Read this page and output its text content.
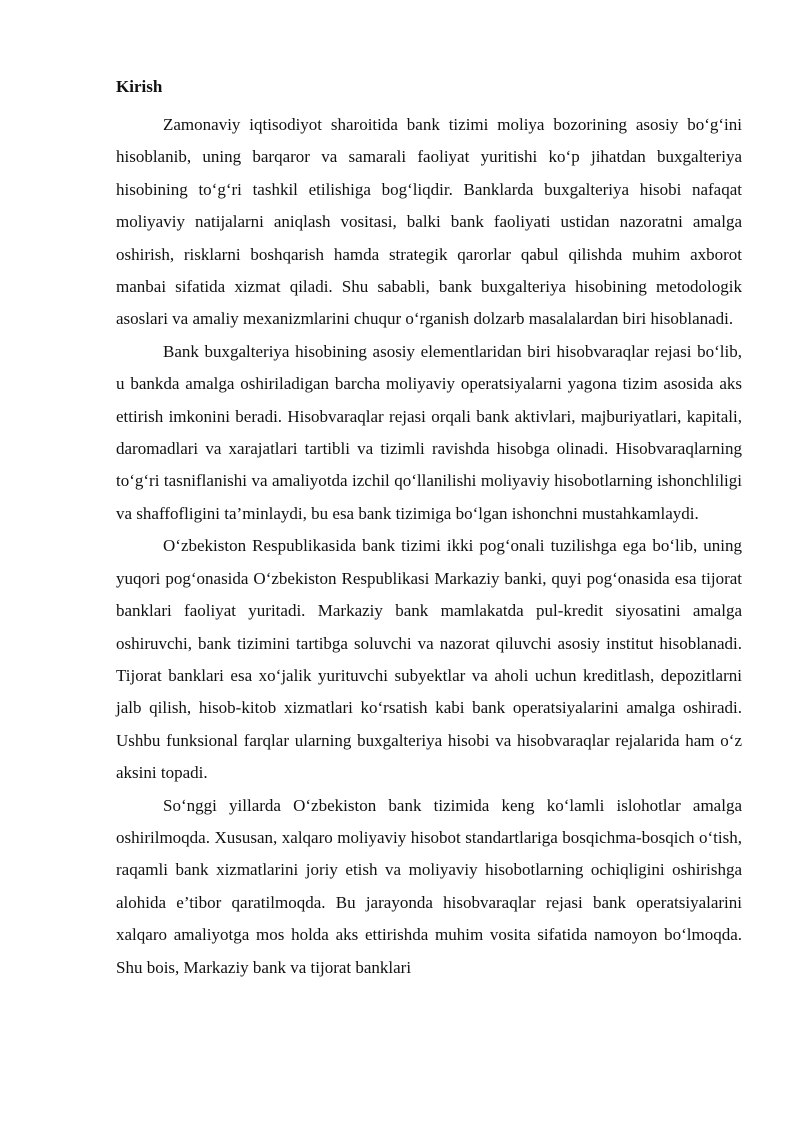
Kirish

Zamonaviy iqtisodiyot sharoitida bank tizimi moliya bozorining asosiy bo‘g‘ini hisoblanib, uning barqaror va samarali faoliyat yuritishi ko‘p jihatdan buxgalteriya hisobining to‘g‘ri tashkil etilishiga bog‘liqdir. Banklarda buxgalteriya hisobi nafaqat moliyaviy natijalarni aniqlash vositasi, balki bank faoliyati ustidan nazoratni amalga oshirish, risklarni boshqarish hamda strategik qarorlar qabul qilishda muhim axborot manbai sifatida xizmat qiladi. Shu sababli, bank buxgalteriya hisobining metodologik asoslari va amaliy mexanizmlarini chuqur o‘rganish dolzarb masalalardan biri hisoblanadi.

Bank buxgalteriya hisobining asosiy elementlaridan biri hisobvaraqlar rejasi bo‘lib, u bankda amalga oshiriladigan barcha moliyaviy operatsiyalarni yagona tizim asosida aks ettirish imkonini beradi. Hisobvaraqlar rejasi orqali bank aktivlari, majburiyatlari, kapitali, daromadlari va xarajatlari tartibli va tizimli ravishda hisobga olinadi. Hisobvaraqlarning to‘g‘ri tasniflanishi va amaliyotda izchil qo‘llanilishi moliyaviy hisobotlarning ishonchliligi va shaffofligini ta’minlaydi, bu esa bank tizimiga bo‘lgan ishonchni mustahkamlaydi.

O‘zbekiston Respublikasida bank tizimi ikki pog‘onali tuzilishga ega bo‘lib, uning yuqori pog‘onasida O‘zbekiston Respublikasi Markaziy banki, quyi pog‘onasida esa tijorat banklari faoliyat yuritadi. Markaziy bank mamlakatda pul-kredit siyosatini amalga oshiruvchi, bank tizimini tartibga soluvchi va nazorat qiluvchi asosiy institut hisoblanadi. Tijorat banklari esa xo‘jalik yurituvchi subyektlar va aholi uchun kreditlash, depozitlarni jalb qilish, hisob-kitob xizmatlari ko‘rsatish kabi bank operatsiyalarini amalga oshiradi. Ushbu funksional farqlar ularning buxgalteriya hisobi va hisobvaraqlar rejalarida ham o‘z aksini topadi.

So‘nggi yillarda O‘zbekiston bank tizimida keng ko‘lamli islohotlar amalga oshirilmoqda. Xususan, xalqaro moliyaviy hisobot standartlariga bosqichma-bosqich o‘tish, raqamli bank xizmatlarini joriy etish va moliyaviy hisobotlarning ochiqligini oshirishga alohida e’tibor qaratilmoqda. Bu jarayonda hisobvaraqlar rejasi bank operatsiyalarini xalqaro amaliyotga mos holda aks ettirishda muhim vosita sifatida namoyon bo‘lmoqda. Shu bois, Markaziy bank va tijorat banklari
